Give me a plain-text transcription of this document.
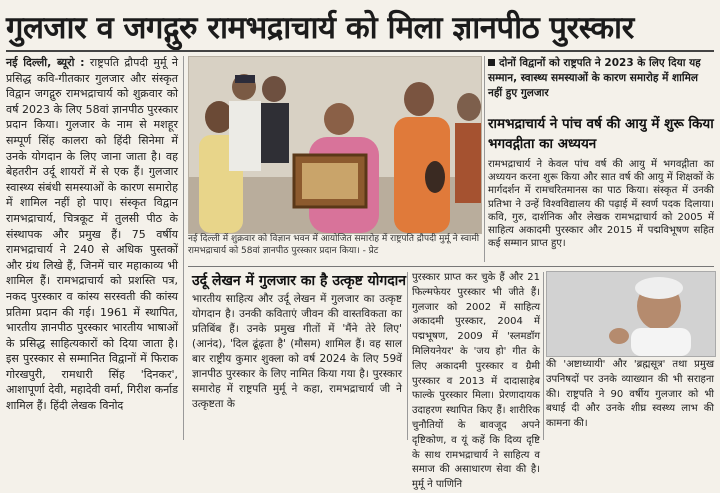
गुलजार व जगद्गुरु रामभद्राचार्य को मिला ज्ञानपीठ पुरस्कार

नई दिल्ली, ब्यूरो : राष्ट्रपति द्रौपदी मुर्मू ने प्रसिद्ध कवि-गीतकार गुलजार और संस्कृत विद्वान जगद्गुरु रामभद्राचार्य को शुक्रवार को वर्ष 2023 के लिए 58वां ज्ञानपीठ पुरस्कार प्रदान किया। गुलजार के नाम से मशहूर सम्पूर्ण सिंह कालरा को हिंदी सिनेमा में उनके योगदान के लिए जाना जाता है। वह बेहतरीन उर्दू शायरों में से एक हैं। गुलजार स्वास्थ्य संबंधी समस्याओं के कारण समारोह में शामिल नहीं हो पाए। संस्कृत विद्वान रामभद्राचार्य, चित्रकूट में तुलसी पीठ के संस्थापक और प्रमुख हैं। 75 वर्षीय रामभद्राचार्य ने 240 से अधिक पुस्तकों और ग्रंथ लिखे हैं, जिनमें चार महाकाव्य भी शामिल हैं। रामभद्राचार्य को प्रशस्ति पत्र, नकद पुरस्कार व कांस्य सरस्वती की कांस्य प्रतिमा प्रदान की गई। 1961 में स्थापित, भारतीय ज्ञानपीठ पुरस्कार भारतीय भाषाओं के प्रसिद्ध साहित्यकारों को दिया जाता है। इस पुरस्कार से सम्मानित विद्वानों में फिराक गोरखपुरी, रामधारी सिंह 'दिनकर', आशापूर्णा देवी, महादेवी वर्मा, गिरीश कर्नाड शामिल हैं। हिंदी लेखक विनोद

नई दिल्ली में शुक्रवार को विज्ञान भवन में आयोजित समारोह में राष्ट्रपति द्रौपदी मुर्मू ने स्वामी रामभद्राचार्य को 58वां ज्ञानपीठ पुरस्कार प्रदान किया। - प्रेट
दोनों विद्वानों को राष्ट्रपति ने 2023 के लिए दिया यह सम्मान, स्वास्थ्य समस्याओं के कारण समारोह में शामिल नहीं हुए गुलजार
रामभद्राचार्य ने पांच वर्ष की आयु में शुरू किया भगवद्गीता का अध्ययन
रामभद्राचार्य ने केवल पांच वर्ष की आयु में भगवद्गीता का अध्ययन करना शुरू किया और सात वर्ष की आयु में शिक्षकों के मार्गदर्शन में रामचरितमानस का पाठ किया। संस्कृत में उनकी प्रतिभा ने उन्हें विश्वविद्यालय की पढ़ाई में स्वर्ण पदक दिलाया। कवि, गुरु, दार्शनिक और लेखक रामभद्राचार्य को 2005 में साहित्य अकादमी पुरस्कार और 2015 में पद्मविभूषण सहित कई सम्मान प्राप्त हुए।
उर्दू लेखन में गुलजार का है उत्कृष्ट योगदान
भारतीय साहित्य और उर्दू लेखन में गुलजार का उत्कृष्ट योगदान है। उनकी कविताएं जीवन की वास्तविकता का प्रतिबिंब हैं। उनके प्रमुख गीतों में 'मैंने तेरे लिए' (आनंद), 'दिल ढूंढ़ता है' (मौसम) शामिल हैं। वह साल बार राष्ट्रीय कुमार शुक्ला को वर्ष 2024 के लिए 59वें ज्ञानपीठ पुरस्कार के लिए नामित किया गया है। पुरस्कार समारोह में राष्ट्रपति मुर्मू ने कहा, रामभद्राचार्य जी ने उत्कृष्टता के
पुरस्कार प्राप्त कर चुके हैं और 21 फिल्मफेयर पुरस्कार भी जीते हैं। गुलजार को 2002 में साहित्य अकादमी पुरस्कार, 2004 में पद्मभूषण, 2009 में 'स्लमडॉग मिलियनेयर' के 'जय हो' गीत के लिए अकादमी पुरस्कार व ग्रैमी पुरस्कार व 2013 में दादासाहेब फाल्के पुरस्कार मिला। प्रेरणादायक उदाहरण स्थापित किए हैं। शारीरिक चुनौतियों के बावजूद अपने दृष्टिकोण, व यूं कहें कि दिव्य दृष्टि के साथ रामभद्राचार्य ने साहित्य व समाज की असाधारण सेवा की है। मुर्मू ने पाणिनि
की 'अष्टाध्यायी' और 'ब्रह्मसूत्र' तथा प्रमुख उपनिषदों पर उनके व्याख्यान की भी सराहना की। राष्ट्रपति ने 90 वर्षीय गुलजार को भी बधाई दी और उनके शीघ्र स्वस्थ्य लाभ की कामना की।
